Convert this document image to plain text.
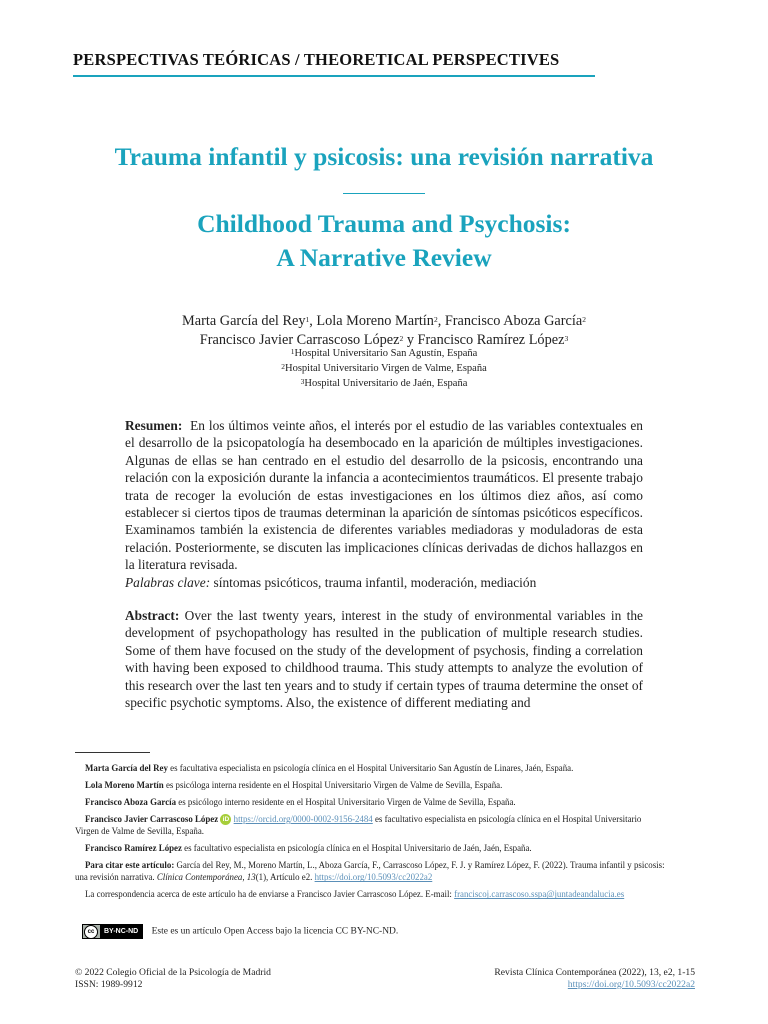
PERSPECTIVAS TEÓRICAS / THEORETICAL PERSPECTIVES
Trauma infantil y psicosis: una revisión narrativa
Childhood Trauma and Psychosis:
A Narrative Review
Marta García del Rey$^1$, Lola Moreno Martín$^2$, Francisco Aboza García$^2$
Francisco Javier Carrascoso López$^2$ y Francisco Ramírez López$^3$
$^1$Hospital Universitario San Agustín, España
$^2$Hospital Universitario Virgen de Valme, España
$^3$Hospital Universitario de Jaén, España
Resumen: En los últimos veinte años, el interés por el estudio de las variables contextuales en el desarrollo de la psicopatología ha desembocado en la aparición de múltiples investigaciones. Algunas de ellas se han centrado en el estudio del desarrollo de la psicosis, encontrando una relación con la exposición durante la infancia a acontecimientos traumáticos. El presente trabajo trata de recoger la evolución de estas investigaciones en los últimos diez años, así como establecer si ciertos tipos de traumas determinan la aparición de síntomas psicóticos específicos. Examinamos también la existencia de diferentes variables mediadoras y moduladoras de esta relación. Posteriormente, se discuten las implicaciones clínicas derivadas de dichos hallazgos en la literatura revisada.
Palabras clave: síntomas psicóticos, trauma infantil, moderación, mediación
Abstract: Over the last twenty years, interest in the study of environmental variables in the development of psychopathology has resulted in the publication of multiple research studies. Some of them have focused on the study of the development of psychosis, finding a correlation with having been exposed to childhood trauma. This study attempts to analyze the evolution of this research over the last ten years and to study if certain types of trauma determine the onset of specific psychotic symptoms. Also, the existence of different mediating and

Marta García del Rey es facultativa especialista en psicología clínica en el Hospital Universitario San Agustín de Linares, Jaén, España.

Lola Moreno Martín es psicóloga interna residente en el Hospital Universitario Virgen de Valme de Sevilla, España.

Francisco Aboza García es psicólogo interno residente en el Hospital Universitario Virgen de Valme de Sevilla, España.

Francisco Javier Carrascoso López iD https://orcid.org/0000-0002-9156-2484 es facultativo especialista en psicología clínica en el Hospital Universitario Virgen de Valme de Sevilla, España.

Francisco Ramírez López es facultativo especialista en psicología clínica en el Hospital Universitario de Jaén, Jaén, España.

Para citar este artículo: García del Rey, M., Moreno Martín, L., Aboza García, F., Carrascoso López, F. J. y Ramírez López, F. (2022). Trauma infantil y psicosis: una revisión narrativa. Clínica Contemporánea, 13(1), Artículo e2. https://doi.org/10.5093/cc2022a2

La correspondencia acerca de este artículo ha de enviarse a Francisco Javier Carrascoso López. E-mail: franciscoj.carrascoso.sspa@juntadeandalucia.es

cc	BY-NC-ND	Este es un artículo Open Access bajo la licencia CC BY-NC-ND.
© 2022 Colegio Oficial de la Psicología de Madrid
ISSN: 1989-9912
Revista Clínica Contemporánea (2022), 13, e2, 1-15
https://doi.org/10.5093/cc2022a2
